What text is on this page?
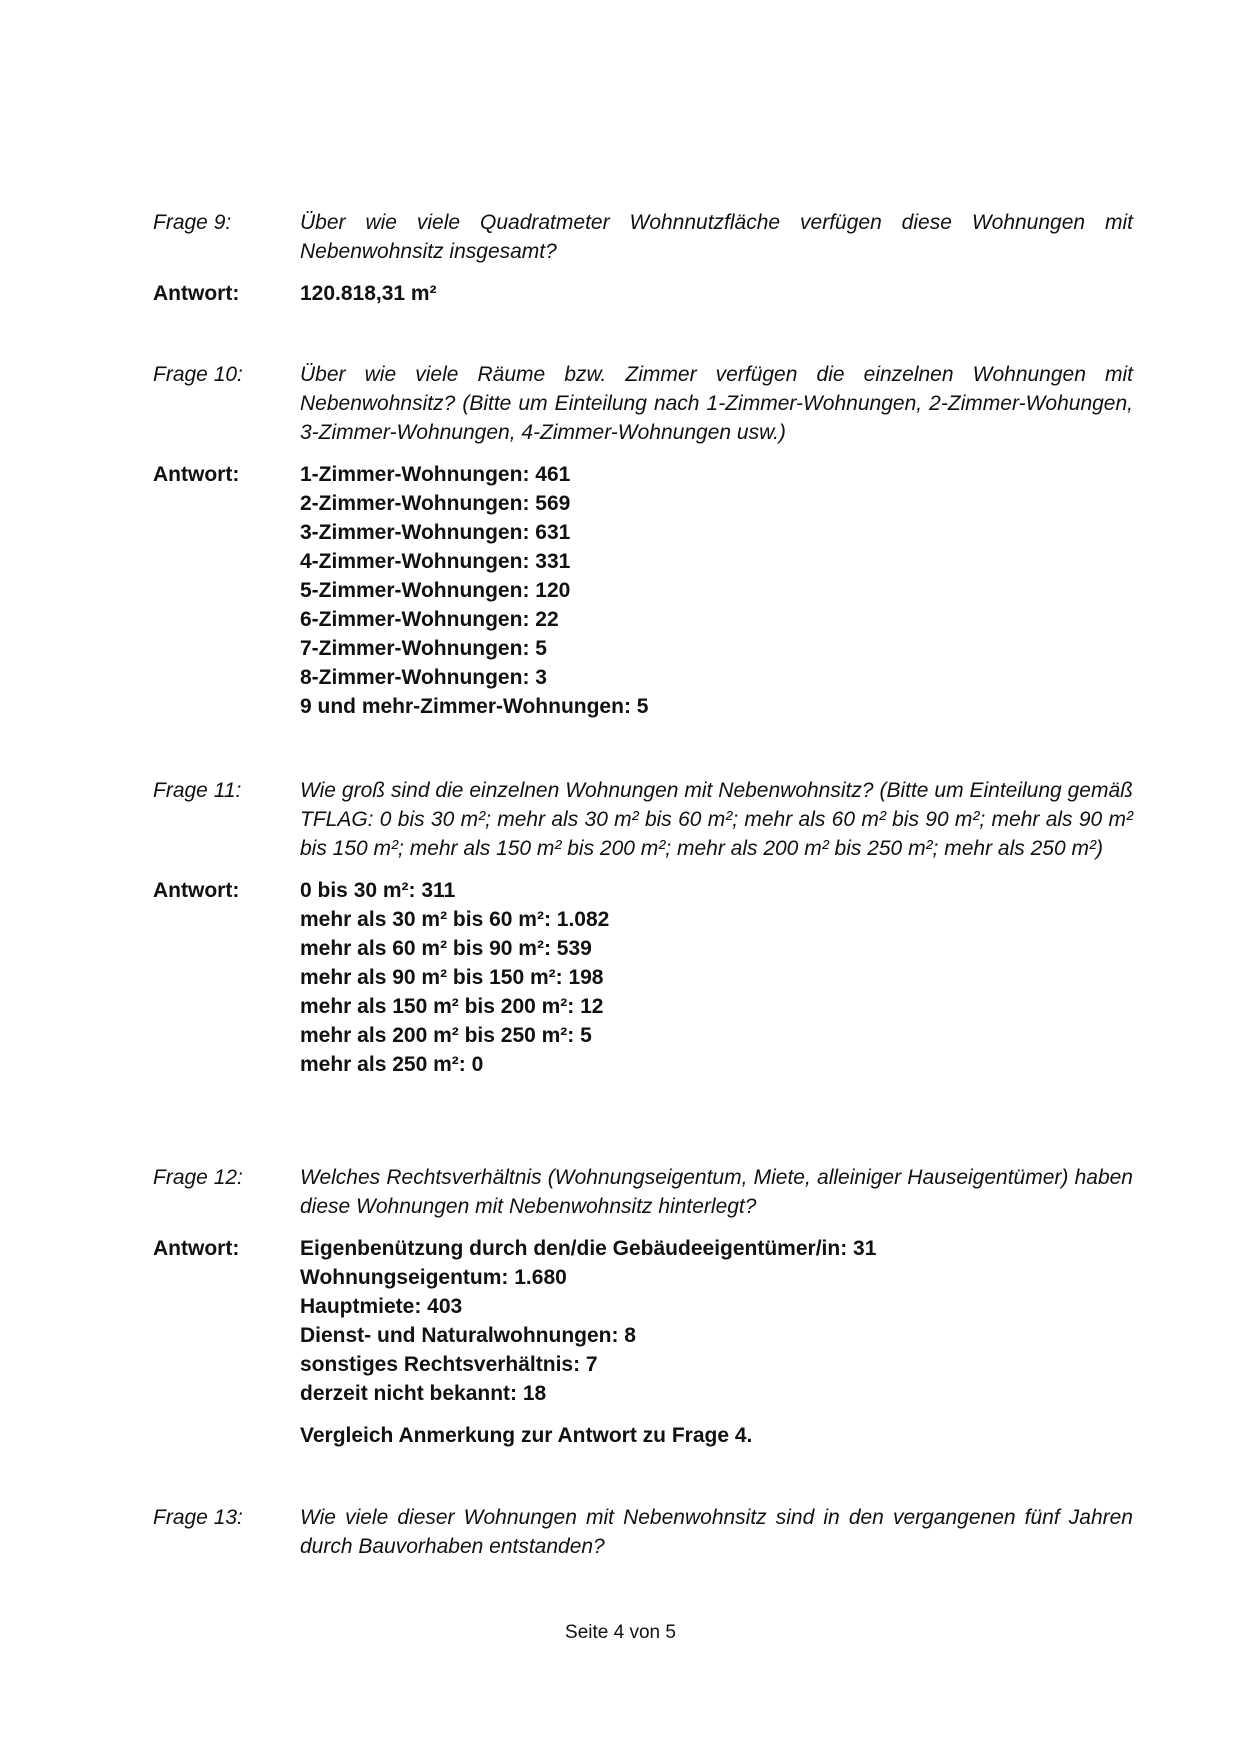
Frage 9:	Über wie viele Quadratmeter Wohnnutzfläche verfügen diese Wohnungen mit Nebenwohnsitz insgesamt?
Antwort:	120.818,31 m²
Frage 10:	Über wie viele Räume bzw. Zimmer verfügen die einzelnen Wohnungen mit Nebenwohnsitz? (Bitte um Einteilung nach 1-Zimmer-Wohnungen, 2-Zimmer-Wohungen, 3-Zimmer-Wohnungen, 4-Zimmer-Wohnungen usw.)
Antwort:	1-Zimmer-Wohnungen: 461
2-Zimmer-Wohnungen: 569
3-Zimmer-Wohnungen: 631
4-Zimmer-Wohnungen: 331
5-Zimmer-Wohnungen: 120
6-Zimmer-Wohnungen: 22
7-Zimmer-Wohnungen: 5
8-Zimmer-Wohnungen: 3
9 und mehr-Zimmer-Wohnungen: 5
Frage 11:	Wie groß sind die einzelnen Wohnungen mit Nebenwohnsitz? (Bitte um Einteilung gemäß TFLAG: 0 bis 30 m²; mehr als 30 m² bis 60 m²; mehr als 60 m² bis 90 m²; mehr als 90 m² bis 150 m²; mehr als 150 m² bis 200 m²; mehr als 200 m² bis 250 m²; mehr als 250 m²)
Antwort:	0 bis 30 m²: 311
mehr als 30 m² bis 60 m²: 1.082
mehr als 60 m² bis 90 m²: 539
mehr als 90 m² bis 150 m²: 198
mehr als 150 m² bis 200 m²: 12
mehr als 200 m² bis 250 m²: 5
mehr als 250 m²: 0
Frage 12:	Welches Rechtsverhältnis (Wohnungseigentum, Miete, alleiniger Hauseigentümer) haben diese Wohnungen mit Nebenwohnsitz hinterlegt?
Antwort:	Eigenbenützung durch den/die Gebäudeeigentümer/in: 31
Wohnungseigentum: 1.680
Hauptmiete: 403
Dienst- und Naturalwohnungen: 8
sonstiges Rechtsverhältnis: 7
derzeit nicht bekannt: 18
Vergleich Anmerkung zur Antwort zu Frage 4.
Frage 13:	Wie viele dieser Wohnungen mit Nebenwohnsitz sind in den vergangenen fünf Jahren durch Bauvorhaben entstanden?
Seite 4 von 5
